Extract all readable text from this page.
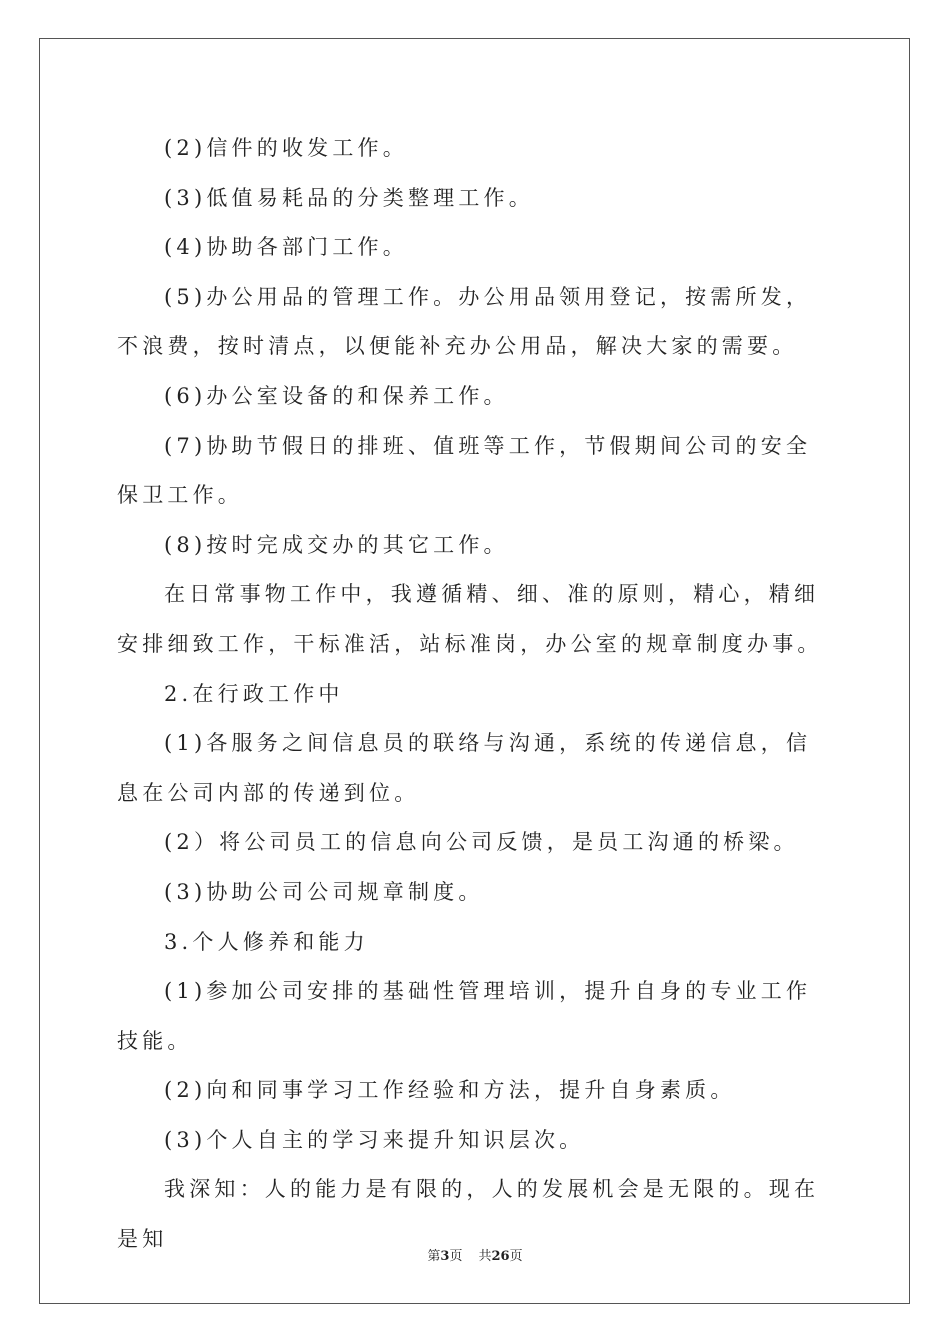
(2)信件的收发工作。

(3)低值易耗品的分类整理工作。

(4)协助各部门工作。

(5)办公用品的管理工作。办公用品领用登记，按需所发，不浪费，按时清点，以便能补充办公用品，解决大家的需要。

(6)办公室设备的和保养工作。

(7)协助节假日的排班、值班等工作，节假期间公司的安全保卫工作。

(8)按时完成交办的其它工作。

在日常事物工作中，我遵循精、细、准的原则，精心，精细安排细致工作，干标准活，站标准岗，办公室的规章制度办事。

2.在行政工作中

(1)各服务之间信息员的联络与沟通，系统的传递信息，信息在公司内部的传递到位。

(2）将公司员工的信息向公司反馈，是员工沟通的桥梁。

(3)协助公司公司规章制度。

3.个人修养和能力

(1)参加公司安排的基础性管理培训，提升自身的专业工作技能。

(2)向和同事学习工作经验和方法，提升自身素质。

(3)个人自主的学习来提升知识层次。

我深知：人的能力是有限的，人的发展机会是无限的。现在是知

第3页 共26页
